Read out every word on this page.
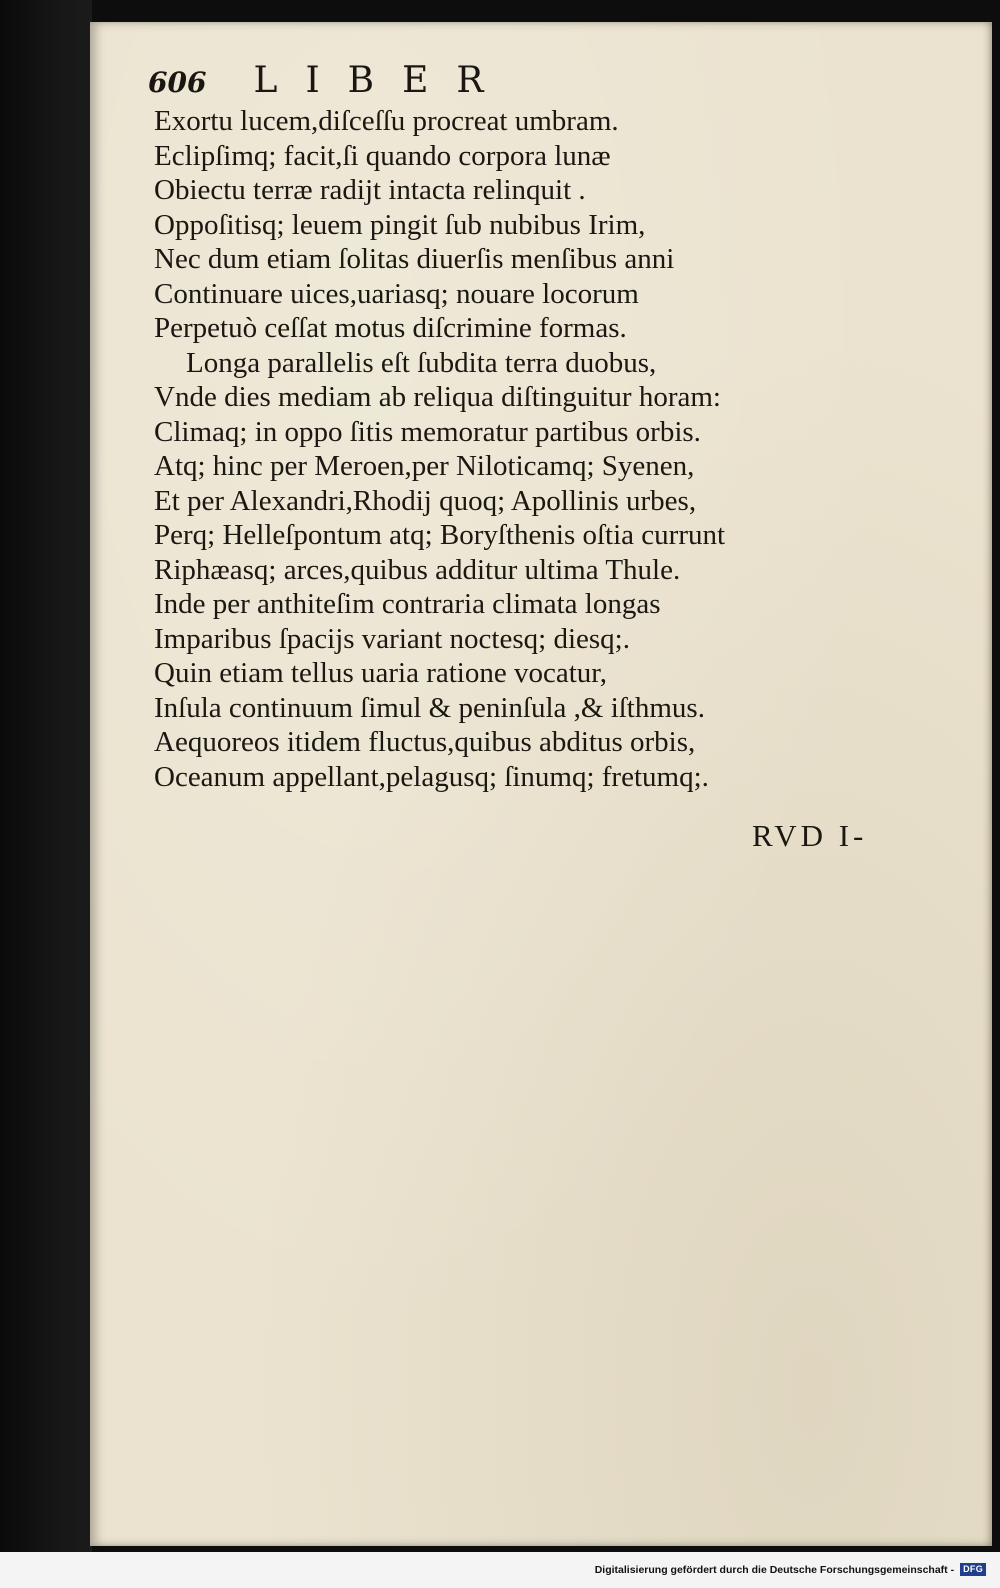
606 LIBER
Exortu lucem,diſceſſu procreat umbram.
Eclipſimq; facit,ſi quando corpora lunæ
Obiectu terræ radijt intacta relinquit .
Oppoſitisq; leuem pingit ſub nubibus Irim,
Nec dum etiam ſolitas diuerſis menſibus anni
Continuare uices,uariasq; nouare locorum
Perpetuò ceſſat motus diſcrimine formas.
Longa parallelis eſt ſubdita terra duobus,
Vnde dies mediam ab reliqua diſtinguitur horam:
Climaq; in oppo ſitis memoratur partibus orbis.
Atq; hinc per Meroen,per Niloticamq; Syenen,
Et per Alexandri,Rhodij quoq; Apollinis urbes,
Perq; Helleſpontum atq; Boryſthenis oſtia currunt
Riphæasq; arces,quibus additur ultima Thule.
Inde per anthiteſim contraria climata longas
Imparibus ſpacijs variant noctesq; diesq;.
Quin etiam tellus uaria ratione vocatur,
Inſula continuum ſimul & peninſula ,& iſthmus.
Aequoreos itidem fluctus,quibus abditus orbis,
Oceanum appellant,pelagusq; ſinumq; fretumq;.
RVD I-
Digitalisierung gefördert durch die Deutsche Forschungsgemeinschaft -	DFG
